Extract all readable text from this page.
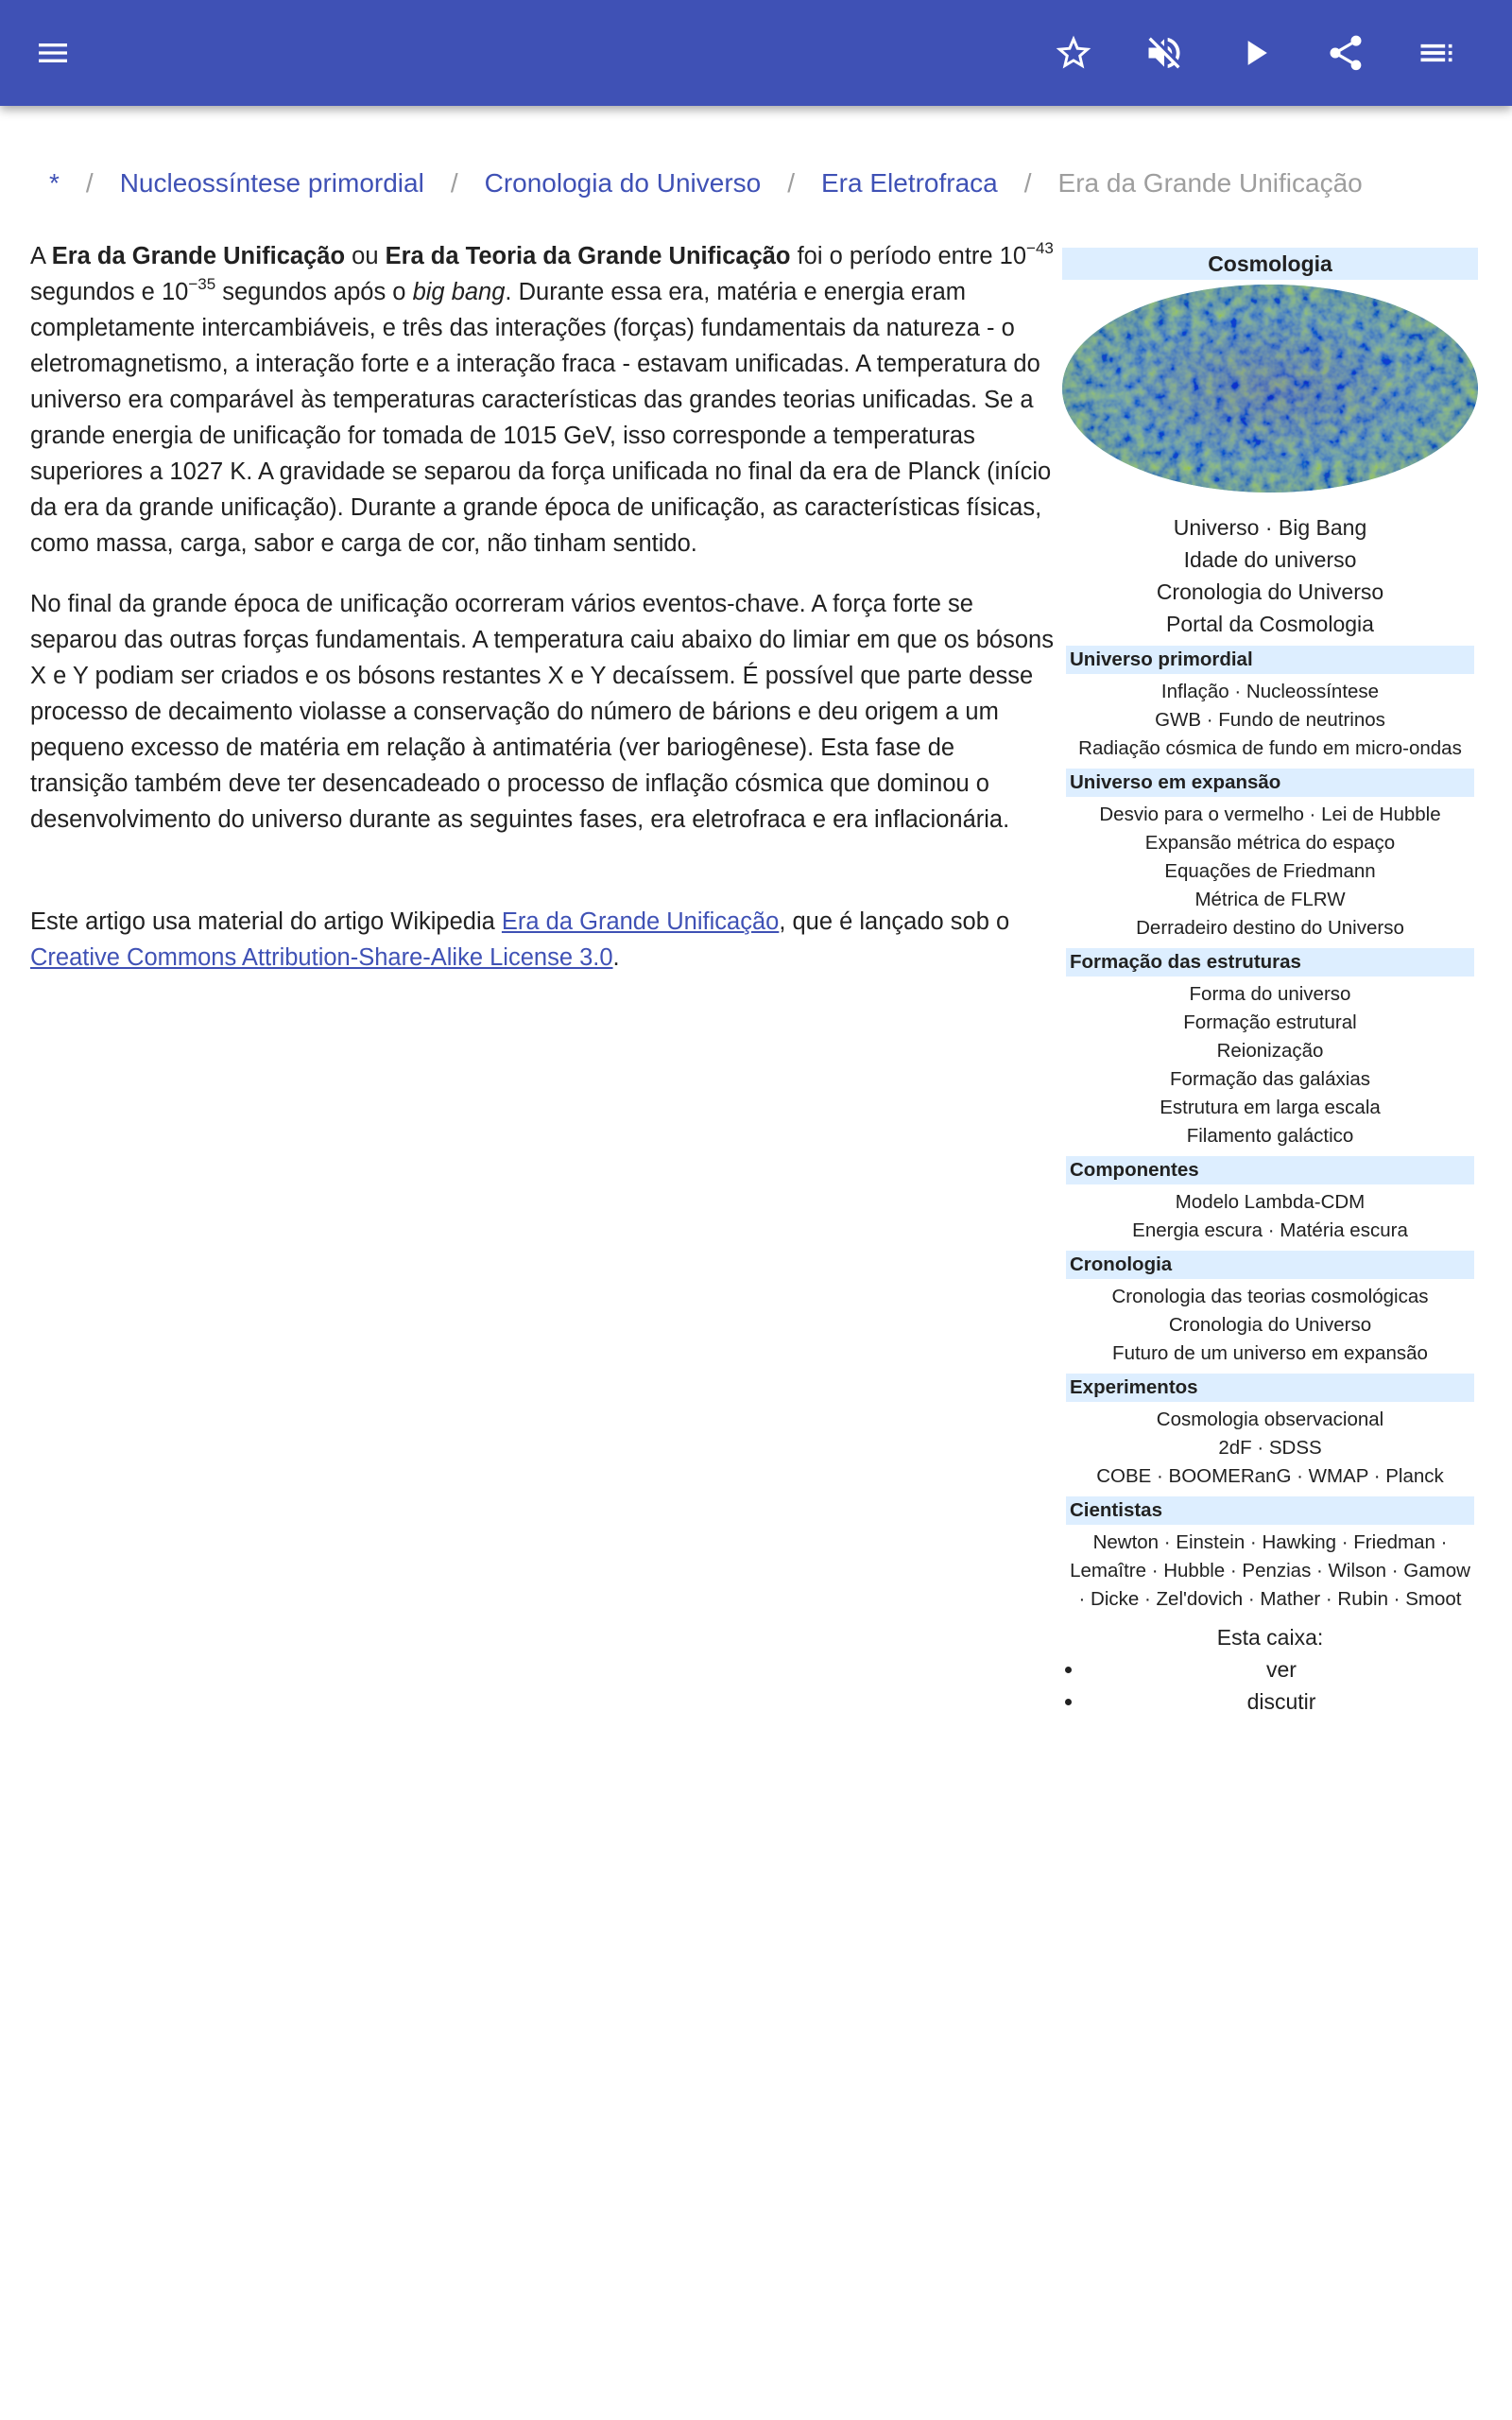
* / Nucleossíntese primordial / Cronologia do Universo / Era Eletrofraca / Era da Grande Unificação

A Era da Grande Unificação ou Era da Teoria da Grande Unificação foi o período entre $10^{-43}$ segundos e $10^{-35}$ segundos após o big bang. Durante essa era, matéria e energia eram completamente intercambiáveis, e três das interações (forças) fundamentais da natureza - o eletromagnetismo, a interação forte e a interação fraca - estavam unificadas. A temperatura do universo era comparável às temperaturas características das grandes teorias unificadas. Se a grande energia de unificação for tomada de 1015 GeV, isso corresponde a temperaturas superiores a 1027 K. A gravidade se separou da força unificada no final da era de Planck (início da era da grande unificação). Durante a grande época de unificação, as características físicas, como massa, carga, sabor e carga de cor, não tinham sentido.

No final da grande época de unificação ocorreram vários eventos-chave. A força forte se separou das outras forças fundamentais. A temperatura caiu abaixo do limiar em que os bósons X e Y podiam ser criados e os bósons restantes X e Y decaíssem. É possível que parte desse processo de decaimento violasse a conservação do número de bárions e deu origem a um pequeno excesso de matéria em relação à antimatéria (ver bariogênese). Esta fase de transição também deve ter desencadeado o processo de inflação cósmica que dominou o desenvolvimento do universo durante as seguintes fases, era eletrofraca e era inflacionária.

Este artigo usa material do artigo Wikipedia Era da Grande Unificação, que é lançado sob o Creative Commons Attribution-Share-Alike License 3.0.

Cosmologia
Universo · Big Bang
Idade do universo
Cronologia do Universo
Portal da Cosmologia
Universo primordial
Inflação · Nucleossíntese
GWB · Fundo de neutrinos
Radiação cósmica de fundo em micro-ondas
Universo em expansão
Desvio para o vermelho · Lei de Hubble
Expansão métrica do espaço
Equações de Friedmann
Métrica de FLRW
Derradeiro destino do Universo
Formação das estruturas
Forma do universo
Formação estrutural
Reionização
Formação das galáxias
Estrutura em larga escala
Filamento galáctico
Componentes
Modelo Lambda-CDM
Energia escura · Matéria escura
Cronologia
Cronologia das teorias cosmológicas
Cronologia do Universo
Futuro de um universo em expansão
Experimentos
Cosmologia observacional
2dF · SDSS
COBE · BOOMERanG · WMAP · Planck
Cientistas
Newton · Einstein · Hawking · Friedman ·
Lemaître · Hubble · Penzias · Wilson · Gamow
· Dicke · Zel'dovich · Mather · Rubin · Smoot
Esta caixa:
• ver
• discutir
